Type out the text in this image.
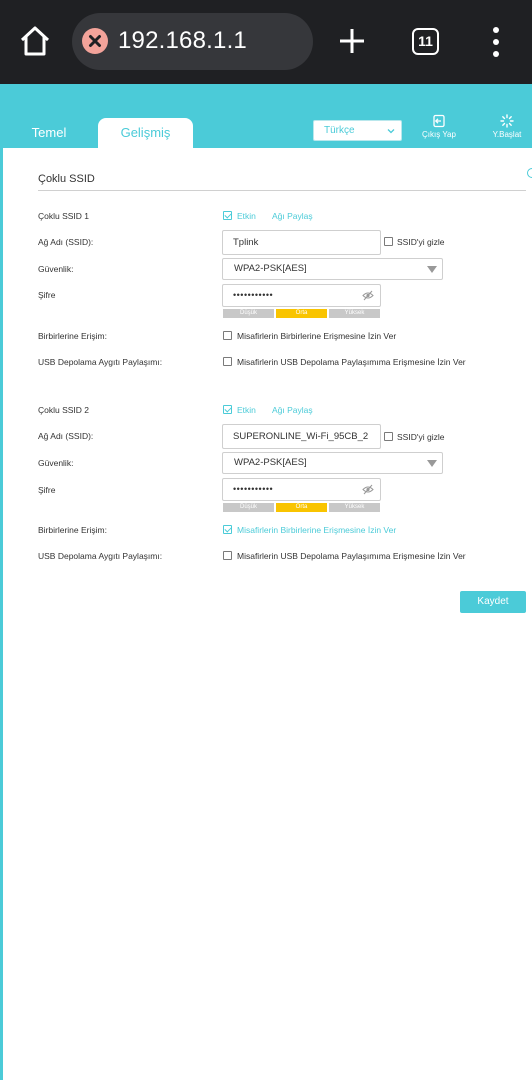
192.168.1.1	11
Temel	Gelişmiş	Türkçe	Çıkış Yap	Y.Başlat
Çoklu SSID
Çoklu SSID 1	Etkin Ağı Paylaş
Ağ Adı (SSID):	Tplink	SSID'yi gizle
Güvenlik:	WPA2-PSK[AES]
Şifre	•••••••••••
Düşük	Orta	Yüksek
Birbirlerine Erişim:	Misafirlerin Birbirlerine Erişmesine İzin Ver
USB Depolama Aygıtı Paylaşımı:	Misafirlerin USB Depolama Paylaşımıma Erişmesine İzin Ver
Çoklu SSID 2	Etkin Ağı Paylaş
Ağ Adı (SSID):	SUPERONLINE_Wi-Fi_95CB_2	SSID'yi gizle
Güvenlik:	WPA2-PSK[AES]
Şifre	•••••••••••
Düşük	Orta	Yüksek
Birbirlerine Erişim:	Misafirlerin Birbirlerine Erişmesine İzin Ver
USB Depolama Aygıtı Paylaşımı:	Misafirlerin USB Depolama Paylaşımıma Erişmesine İzin Ver
Kaydet
